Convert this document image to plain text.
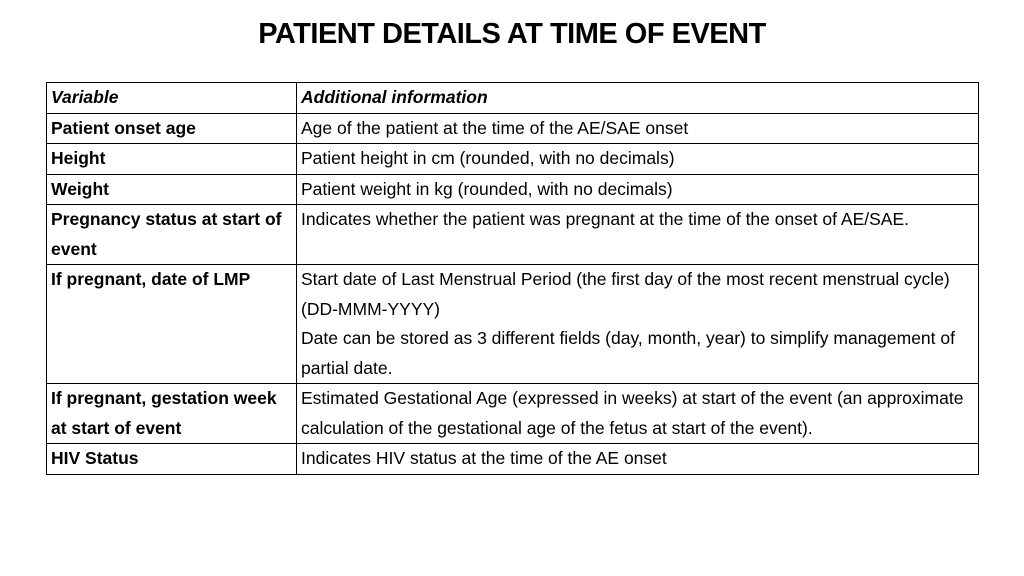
PATIENT DETAILS AT TIME OF EVENT
Variable	Additional information
Patient onset age	Age of the patient at the time of the AE/SAE onset

Height	Patient height in cm (rounded, with no decimals)

Weight	Patient weight in kg (rounded, with no decimals)

Pregnancy status at start of event	Indicates whether the patient was pregnant at the time of the onset of AE/SAE.

If pregnant, date of LMP	Start date of Last Menstrual Period (the first day of the most recent menstrual cycle) (DD-MMM-YYYY)
Date can be stored as 3 different fields (day, month, year) to simplify management of partial date.

If pregnant, gestation week at start of event	Estimated Gestational Age (expressed in weeks) at start of the event (an approximate calculation of the gestational age of the fetus at start of the event).

HIV Status	Indicates HIV status at the time of the AE onset
